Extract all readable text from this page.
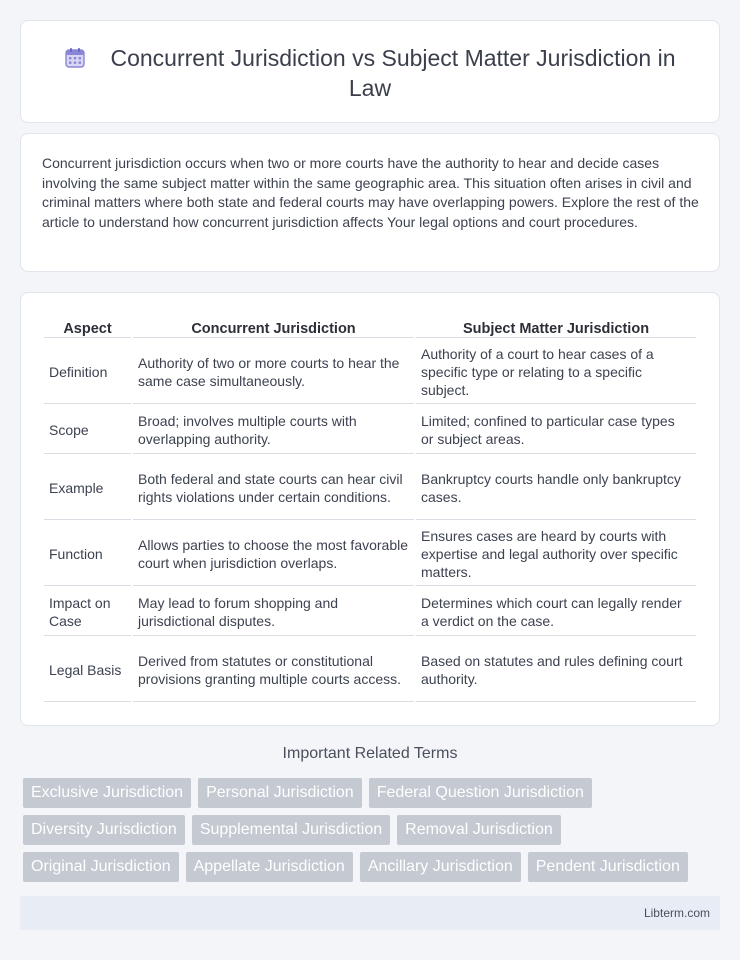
Concurrent Jurisdiction vs Subject Matter Jurisdiction in Law

Concurrent jurisdiction occurs when two or more courts have the authority to hear and decide cases involving the same subject matter within the same geographic area. This situation often arises in civil and criminal matters where both state and federal courts may have overlapping powers. Explore the rest of the article to understand how concurrent jurisdiction affects Your legal options and court procedures.

Aspect	Concurrent Jurisdiction	Subject Matter Jurisdiction
Definition	Authority of two or more courts to hear the same case simultaneously.	Authority of a court to hear cases of a specific type or relating to a specific subject.
Scope	Broad; involves multiple courts with overlapping authority.	Limited; confined to particular case types or subject areas.
Example	Both federal and state courts can hear civil rights violations under certain conditions.	Bankruptcy courts handle only bankruptcy cases.
Function	Allows parties to choose the most favorable court when jurisdiction overlaps.	Ensures cases are heard by courts with expertise and legal authority over specific matters.
Impact on Case	May lead to forum shopping and jurisdictional disputes.	Determines which court can legally render a verdict on the case.
Legal Basis	Derived from statutes or constitutional provisions granting multiple courts access.	Based on statutes and rules defining court authority.
Important Related Terms
Exclusive Jurisdiction	Personal Jurisdiction	Federal Question Jurisdiction
Diversity Jurisdiction	Supplemental Jurisdiction	Removal Jurisdiction
Original Jurisdiction	Appellate Jurisdiction	Ancillary Jurisdiction	Pendent Jurisdiction
Libterm.com
